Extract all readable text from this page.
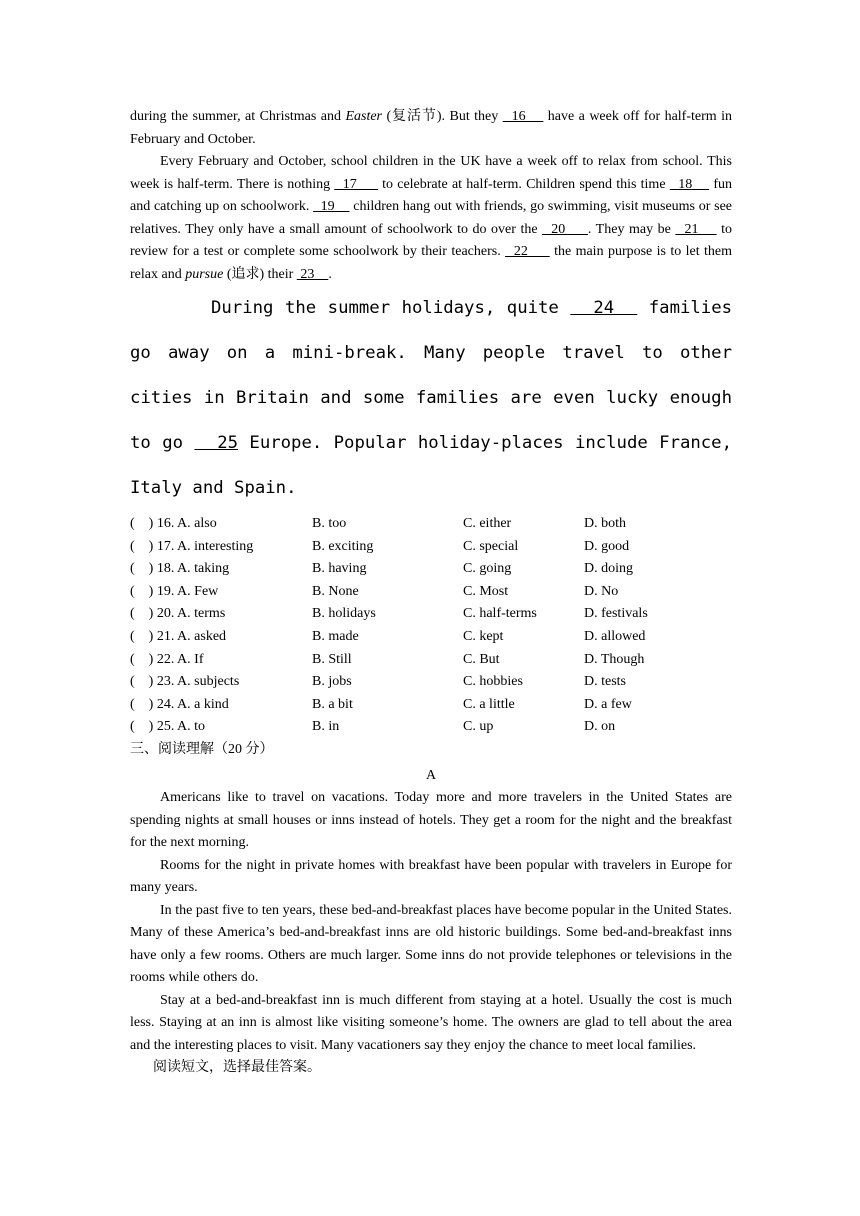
during the summer, at Christmas and Easter (复活节). But they   16     have a week off for half-term in February and October.

Every February and October, school children in the UK have a week off to relax from school. This week is half-term. There is nothing   17      to celebrate at half-term. Children spend this time   18     fun and catching up on schoolwork.   19     children hang out with friends, go swimming, visit museums or see relatives. They only have a small amount of schoolwork to do over the   20     . They may be   21     to review for a test or complete some schoolwork by their teachers.   22      the main purpose is to let them relax and pursue (追求) their  23    .

During the summer holidays, quite   24   families go away on a mini-break. Many people travel to other cities in Britain and some families are even lucky enough to go   25 Europe. Popular holiday-places include France, Italy and Spain.

(    ) 16. A. also	B. too	C. either	D. both
(    ) 17. A. interesting	B. exciting	C. special	D. good
(    ) 18. A. taking	B. having	C. going	D. doing
(    ) 19. A. Few	B. None	C. Most	D. No
(    ) 20. A. terms	B. holidays	C. half-terms	D. festivals
(    ) 21. A. asked	B. made	C. kept	D. allowed
(    ) 22. A. If	B. Still	C. But	D. Though
(    ) 23. A. subjects	B. jobs	C. hobbies	D. tests
(    ) 24. A. a kind	B. a bit	C. a little	D. a few
(    ) 25. A. to	B. in	C. up	D. on
三、阅读理解（20 分）
A

Americans like to travel on vacations. Today more and more travelers in the United States are spending nights at small houses or inns instead of hotels. They get a room for the night and the breakfast for the next morning.

Rooms for the night in private homes with breakfast have been popular with travelers in Europe for many years.

In the past five to ten years, these bed-and-breakfast places have become popular in the United States. Many of these America’s bed-and-breakfast inns are old historic buildings. Some bed-and-breakfast inns have only a few rooms. Others are much larger. Some inns do not provide telephones or televisions in the rooms while others do.

Stay at a bed-and-breakfast inn is much different from staying at a hotel. Usually the cost is much less. Staying at an inn is almost like visiting someone’s home. The owners are glad to tell about the area and the interesting places to visit. Many vacationers say they enjoy the chance to meet local families.

阅读短文，选择最佳答案。
